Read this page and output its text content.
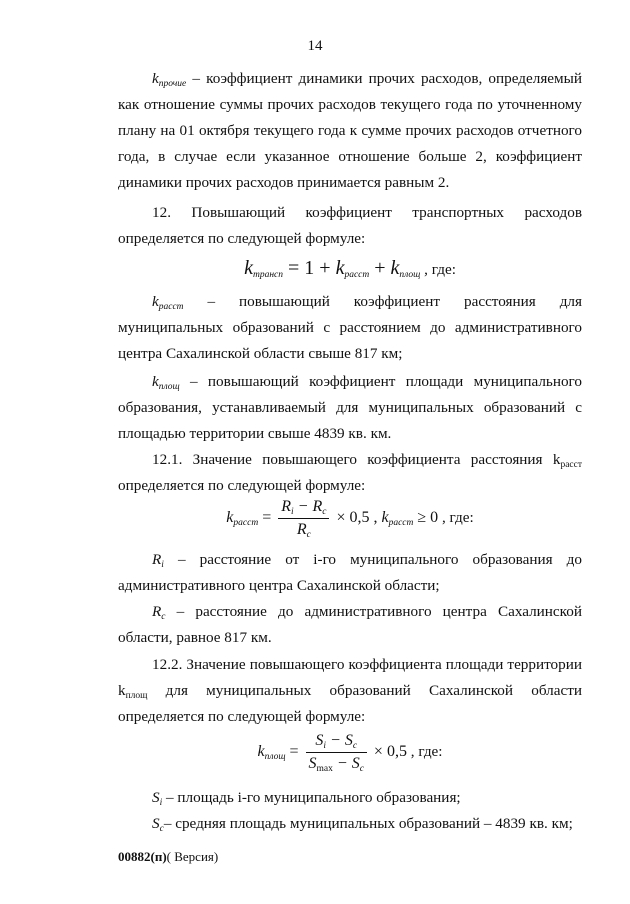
14
$k_{прочие}$ – коэффициент динамики прочих расходов, определяемый как отношение суммы прочих расходов текущего года по уточненному плану на 01 октября текущего года к сумме прочих расходов отчетного года, в случае если указанное отношение больше 2, коэффициент динамики прочих расходов принимается равным 2.
12. Повышающий коэффициент транспортных расходов определяется по следующей формуле:
$k_{трансп} = 1 + k_{расст} + k_{площ}$ , где:
$k_{расст}$ – повышающий коэффициент расстояния для муниципальных образований с расстоянием до административного центра Сахалинской области свыше 817 км;
$k_{площ}$ – повышающий коэффициент площади муниципального образования, устанавливаемый для муниципальных образований с площадью территории свыше 4839 кв. км.
12.1. Значение повышающего коэффициента расстояния $k_{расст}$ определяется по следующей формуле:
$k_{расст} = \frac{R_i - R_c}{R_c} \times 0,5$ , $k_{расст} \ge 0$ , где:
$R_i$ – расстояние от i-го муниципального образования до административного центра Сахалинской области;
$R_c$ – расстояние до административного центра Сахалинской области, равное 817 км.
12.2. Значение повышающего коэффициента площади территории $k_{площ}$ для муниципальных образований Сахалинской области определяется по следующей формуле:
$k_{площ} = \frac{S_i - S_c}{S_{max} - S_c} \times 0,5$ , где:
$S_i$ – площадь i-го муниципального образования;
$S_c-$ средняя площадь муниципальных образований – 4839 кв. км;
00882(п)( Версия)
